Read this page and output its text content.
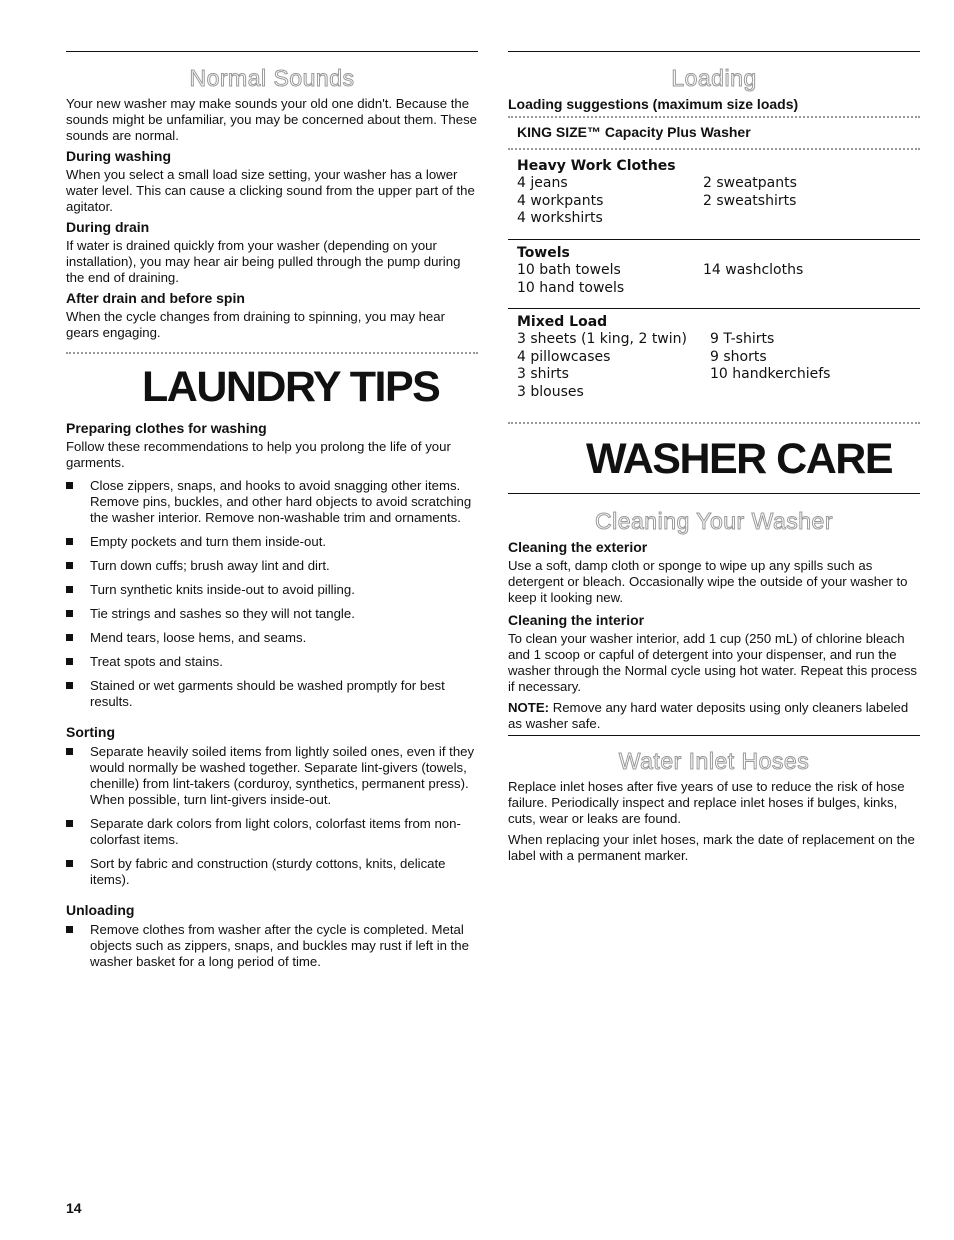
Normal Sounds

Your new washer may make sounds your old one didn't. Because the sounds might be unfamiliar, you may be concerned about them. These sounds are normal.

During washing

When you select a small load size setting, your washer has a lower water level. This can cause a clicking sound from the upper part of the agitator.

During drain

If water is drained quickly from your washer (depending on your installation), you may hear air being pulled through the pump during the end of draining.

After drain and before spin

When the cycle changes from draining to spinning, you may hear gears engaging.

LAUNDRY TIPS

Preparing clothes for washing

Follow these recommendations to help you prolong the life of your garments.

Close zippers, snaps, and hooks to avoid snagging other items. Remove pins, buckles, and other hard objects to avoid scratching the washer interior. Remove non-washable trim and ornaments.
Empty pockets and turn them inside-out.
Turn down cuffs; brush away lint and dirt.
Turn synthetic knits inside-out to avoid pilling.
Tie strings and sashes so they will not tangle.
Mend tears, loose hems, and seams.
Treat spots and stains.
Stained or wet garments should be washed promptly for best results.

Sorting

Separate heavily soiled items from lightly soiled ones, even if they would normally be washed together. Separate lint-givers (towels, chenille) from lint-takers (corduroy, synthetics, permanent press). When possible, turn lint-givers inside-out.
Separate dark colors from light colors, colorfast items from non-colorfast items.
Sort by fabric and construction (sturdy cottons, knits, delicate items).

Unloading

Remove clothes from washer after the cycle is completed. Metal objects such as zippers, snaps, and buckles may rust if left in the washer basket for a long period of time.
Loading

Loading suggestions (maximum size loads)

KING SIZE™ Capacity Plus Washer

Heavy Work Clothes
4 jeans	2 sweatpants
4 workpants	2 sweatshirts
4 workshirts
Towels
10 bath towels	14 washcloths
10 hand towels
Mixed Load
3 sheets (1 king, 2 twin)	9 T-shirts
4 pillowcases	9 shorts
3 shirts	10 handkerchiefs
3 blouses
WASHER CARE
Cleaning Your Washer

Cleaning the exterior

Use a soft, damp cloth or sponge to wipe up any spills such as detergent or bleach. Occasionally wipe the outside of your washer to keep it looking new.

Cleaning the interior

To clean your washer interior, add 1 cup (250 mL) of chlorine bleach and 1 scoop or capful of detergent into your dispenser, and run the washer through the Normal cycle using hot water. Repeat this process if necessary.

NOTE: Remove any hard water deposits using only cleaners labeled as washer safe.

Water Inlet Hoses

Replace inlet hoses after five years of use to reduce the risk of hose failure. Periodically inspect and replace inlet hoses if bulges, kinks, cuts, wear or leaks are found.

When replacing your inlet hoses, mark the date of replacement on the label with a permanent marker.

14
